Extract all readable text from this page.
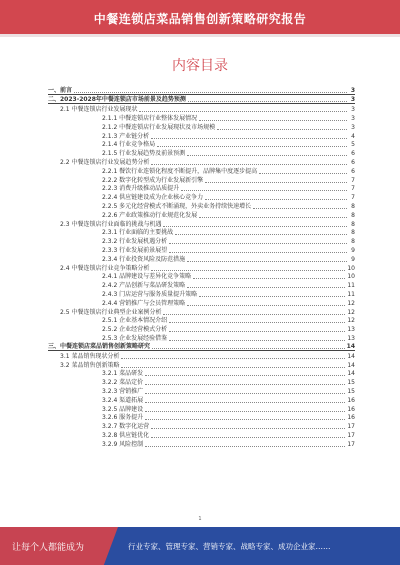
中餐连锁店菜品销售创新策略研究报告
内容目录
一、前言	3
二、2023-2028年中餐连锁店市场前景及趋势预测	3
2.1 中餐连锁店行业发展现状	3
2.1.1 中餐连锁店行业整体发展情况	3
2.1.2 中餐连锁店行业发展现状及市场规模	3
2.1.3 产业链分析	4
2.1.4 行业竞争格局	5
2.1.5 行业发展趋势及前景预测	6
2.2 中餐连锁店行业发展趋势分析	6
2.2.1 餐饮行业连锁化程度不断提升，品牌集中度逐步提高	6
2.2.2 数字化转型成为行业发展新引擎	7
2.2.3 消费升级推动品质提升	7
2.2.4 供应链建设成为企业核心竞争力	7
2.2.5 多元化经营模式不断涌现，外卖业务持续快速增长	8
2.2.6 产业政策推动行业规范化发展	8
2.3 中餐连锁店行业面临的挑战与机遇	8
2.3.1 行业面临的主要挑战	8
2.3.2 行业发展机遇分析	8
2.3.3 行业发展前景展望	9
2.3.4 行业投资风险及防范措施	9
2.4 中餐连锁店行业竞争策略分析	10
2.4.1 品牌建设与差异化竞争策略	10
2.4.2 产品创新与菜品研发策略	11
2.4.3 门店运营与服务质量提升策略	11
2.4.4 营销推广与会员管理策略	12
2.5 中餐连锁店行业典型企业案例分析	12
2.5.1 企业基本情况介绍	12
2.5.2 企业经营模式分析	13
2.5.3 企业发展经验借鉴	13
三、中餐连锁店菜品销售创新策略研究	14
3.1 菜品销售现状分析	14
3.2 菜品销售创新策略	14
3.2.1 菜品研发	14
3.2.2 菜品定价	15
3.2.3 营销推广	15
3.2.4 渠道拓展	16
3.2.5 品牌建设	16
3.2.6 服务提升	16
3.2.7 数字化运营	17
3.2.8 供应链优化	17
3.2.9 风险控制	17
1
让每个人都能成为	行业专家、管理专家、营销专家、战略专家、成功企业家……
